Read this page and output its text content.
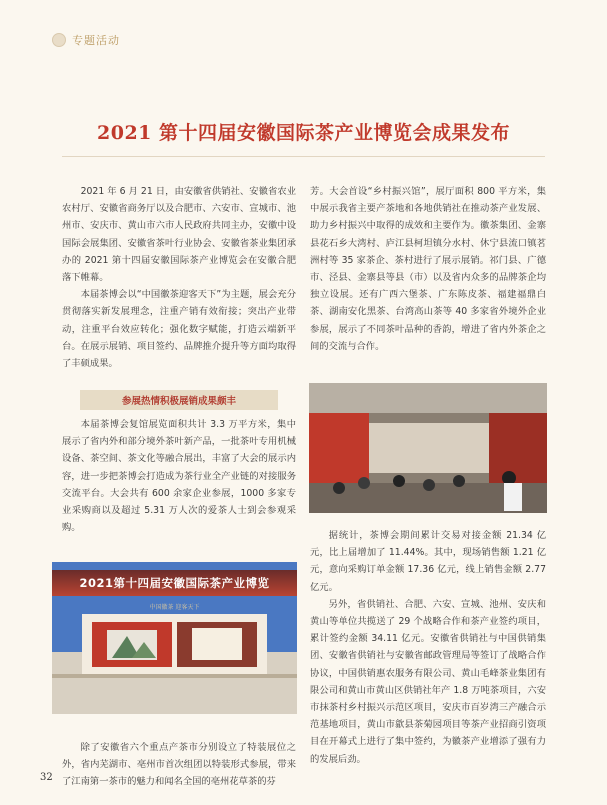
专题活动
2021 第十四届安徽国际茶产业博览会成果发布

2021 年 6 月 21 日，由安徽省供销社、安徽省农业农村厅、安徽省商务厅以及合肥市、六安市、宣城市、池州市、安庆市、黄山市六市人民政府共同主办，安徽中设国际会展集团、安徽省茶叶行业协会、安徽省茶业集团承办的 2021 第十四届安徽国际茶产业博览会在安徽合肥落下帷幕。

本届茶博会以“中国徽茶迎客天下”为主题，展会充分贯彻落实新发展理念，注重产销有效衔接；突出产业带动，注重平台效应转化；强化数字赋能，打造云端新平台。在展示展销、项目签约、品牌推介提升等方面均取得了丰硕成果。

参展热情积极展销成果颇丰

本届茶博会复馆展览面积共计 3.3 万平方米，集中展示了省内外和部分境外茶叶新产品，一批茶叶专用机械设备、茶空间、茶文化等融合展出，丰富了大会的展示内容，进一步把茶博会打造成为茶行业全产业链的对接服务交流平台。大会共有 600 余家企业参展，1000 多家专业采购商以及超过 5.31 万人次的爱茶人士到会参观采购。

2021第十四届安徽国际茶产业博览
中国徽茶 迎客天下

除了安徽省六个重点产茶市分别设立了特装展位之外，省内芜湖市、亳州市首次组团以特装形式参展，带来了江南第一茶市的魅力和闻名全国的亳州花草茶的芬

芳。大会首设“乡村振兴馆”，展厅面积 800 平方米，集中展示我省主要产茶地和各地供销社在推动茶产业发展、助力乡村振兴中取得的成效和主要作为。徽茶集团、金寨县花石乡大湾村、庐江县柯坦镇分水村、休宁县流口镇茗洲村等 35 家茶企、茶村进行了展示展销。祁门县、广德市、泾县、金寨县等县（市）以及省内众多的品牌茶企均独立设展。还有广西六堡茶、广东陈皮茶、福建福鼎白茶、湖南安化黑茶、台湾高山茶等 40 多家省外境外企业参展，展示了不同茶叶品种的香韵，增进了省内外茶企之间的交流与合作。

据统计，茶博会期间累计交易对接金额 21.34 亿元，比上届增加了 11.44%。其中，现场销售额 1.21 亿元，意向采购订单金额 17.36 亿元，线上销售金额 2.77 亿元。

另外，省供销社、合肥、六安、宣城、池州、安庆和黄山等单位共揽送了 29 个战略合作和茶产业签约项目，累计签约金额 34.11 亿元。安徽省供销社与中国供销集团、安徽省供销社与安徽省邮政管理局等签订了战略合作协议，中国供销惠农服务有限公司、黄山毛峰茶业集团有限公司和黄山市黄山区供销社年产 1.8 万吨茶项目，六安市抹茶村乡村振兴示范区项目，安庆市百岁湾三产融合示范基地项目，黄山市歙县茶菊园项目等茶产业招商引资项目在开幕式上进行了集中签约，为徽茶产业增添了强有力的发展后劲。

32
